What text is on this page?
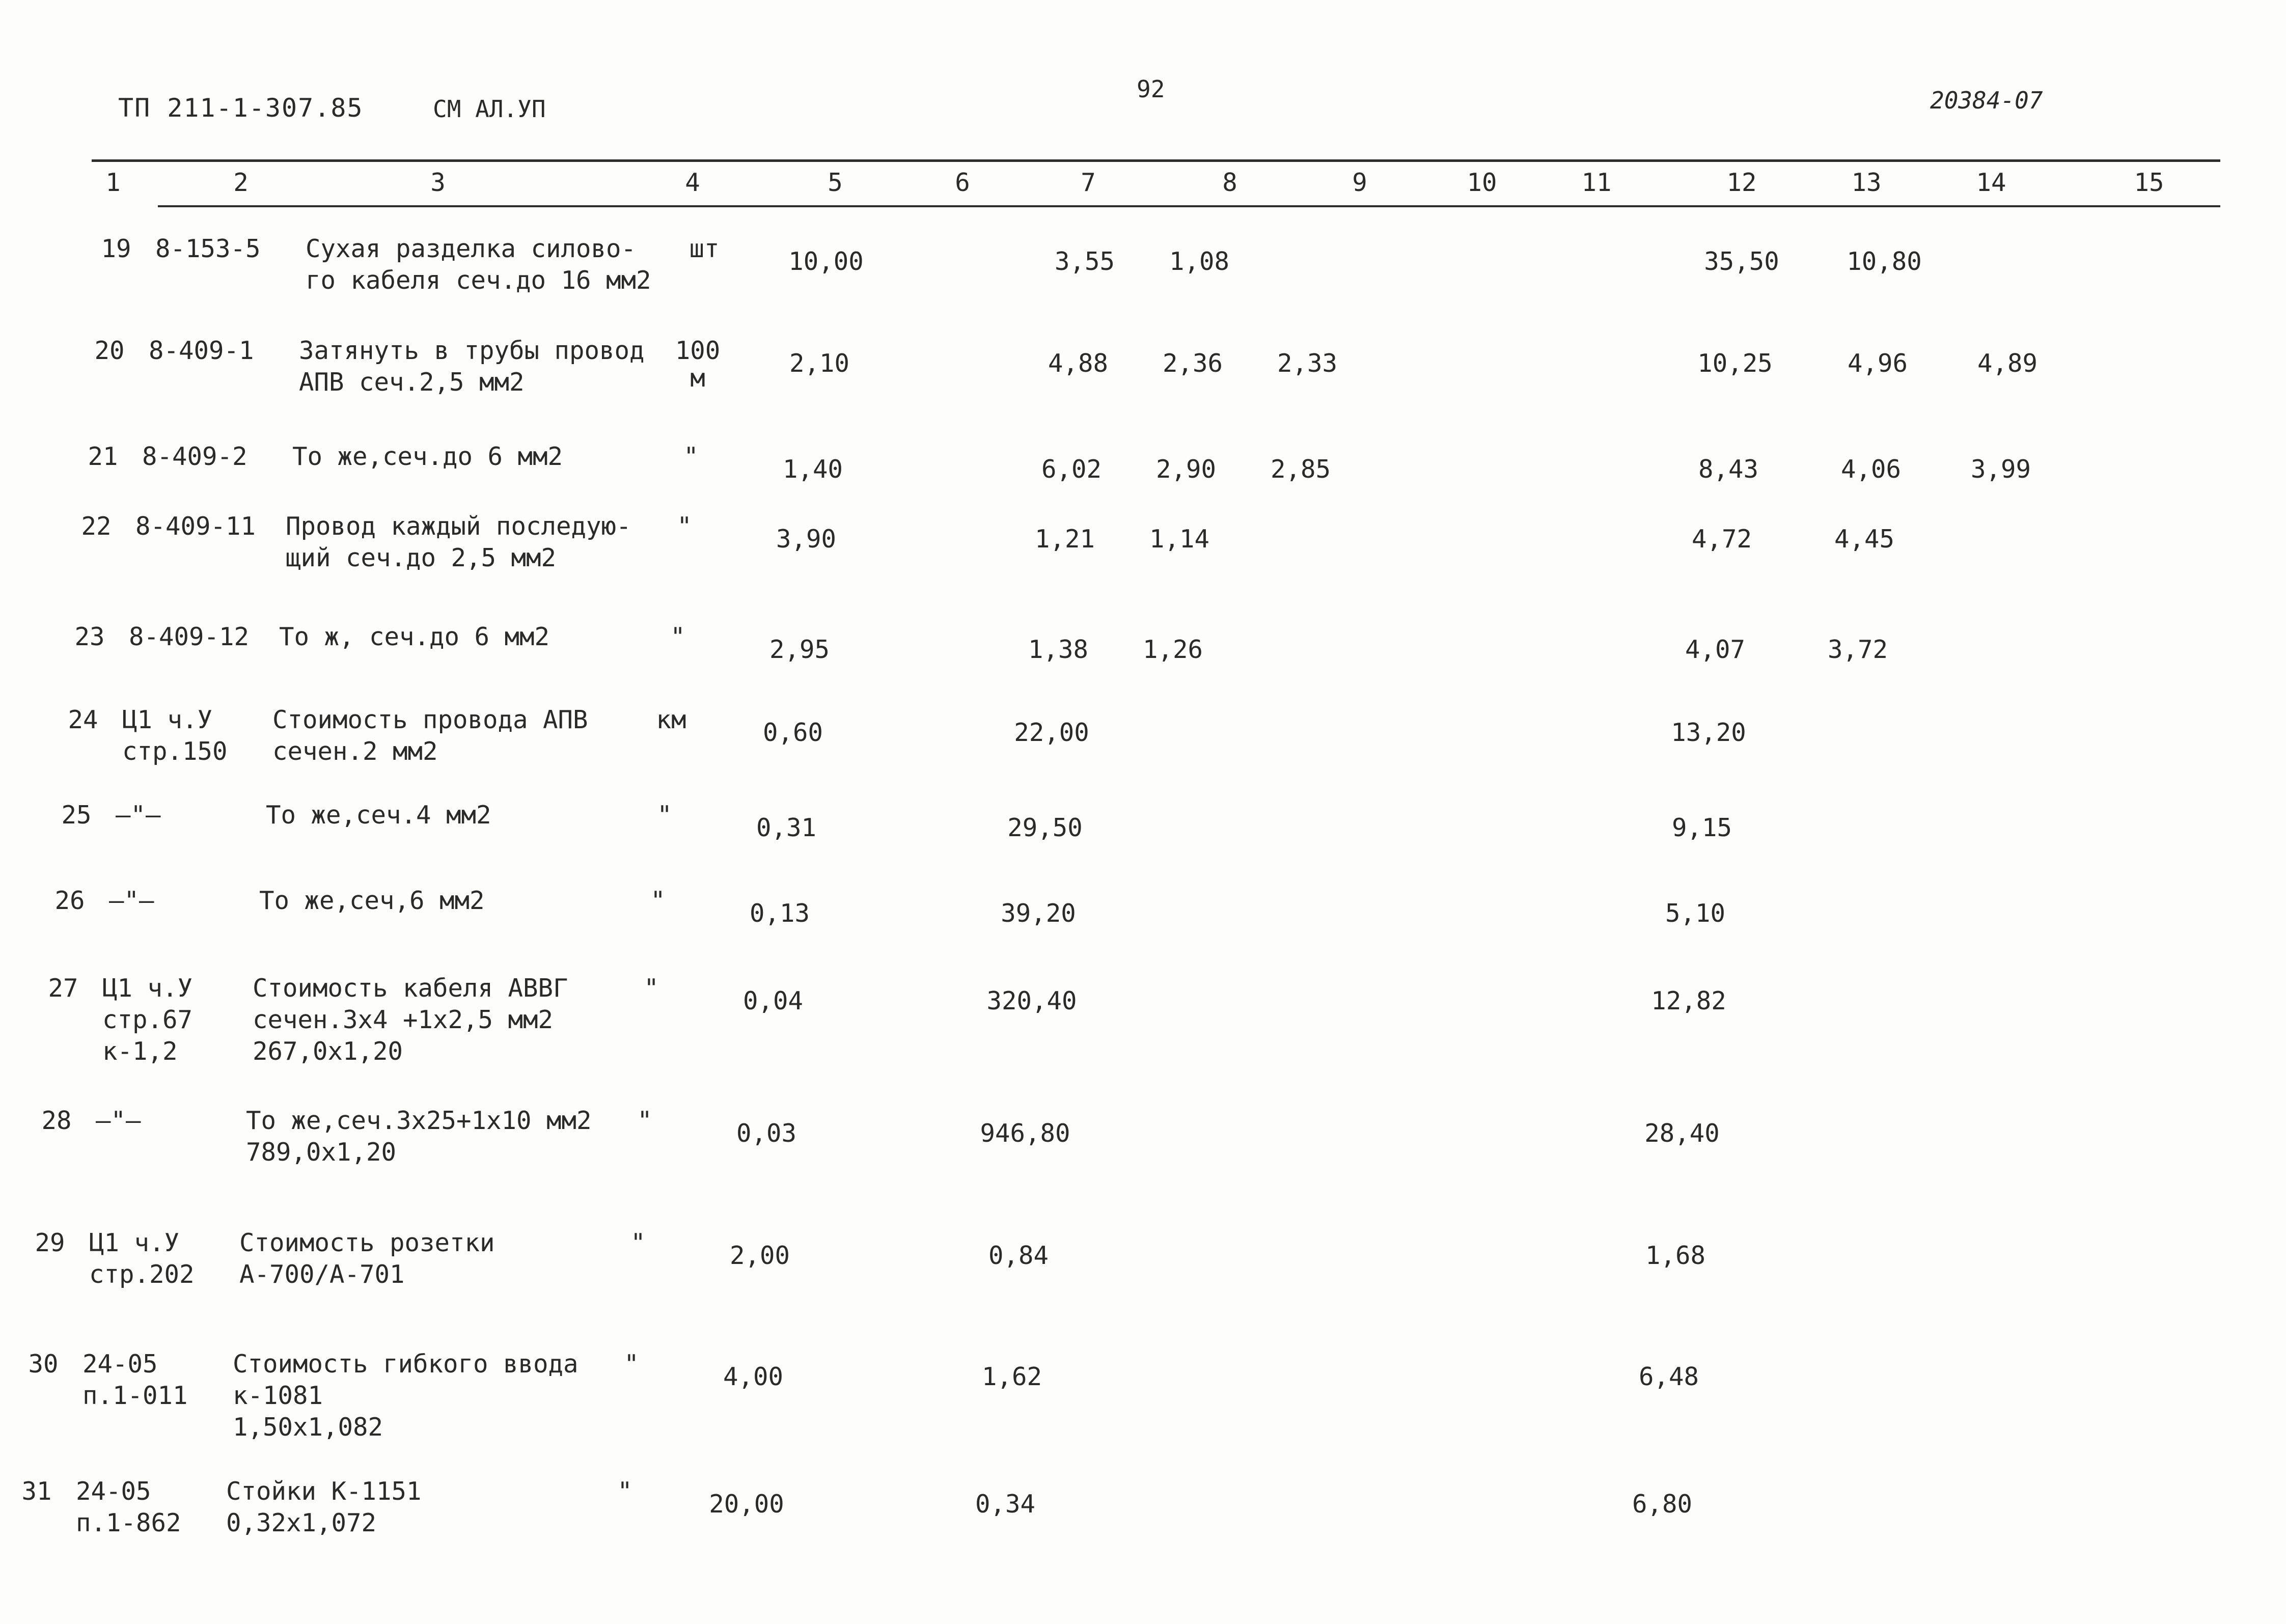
ТП 211-1-307.85	СМ АЛ.УП
92	20384-07
1	2	3	4	5	6	7	8	9	10	11	12	13	14	15
19 8-153-5 Сухая разделка силово-
го кабеля сеч.до 16 мм2
шт	10,00	3,55 1,08	35,50	10,80
20 8-409-1 Затянуть в трубы провод
АПВ сеч.2,5 мм2
100
м
2,10	4,88 2,36 2,33	10,25	4,96	4,89
21 8-409-2 То же,сеч.до 6 мм2	"	1,40	6,02 2,90 2,85	8,43	4,06	3,99
22 8-409-11 Провод каждый последую-
щий сеч.до 2,5 мм2
"	3,90	1,21 1,14	4,72	4,45
23 8-409-12 То ж, сеч.до 6 мм2	"	2,95	1,38 1,26	4,07	3,72
24 Ц1 ч.У
стр.150
Стоимость провода АПВ
сечен.2 мм2
км	0,60	22,00	13,20
25 —"—	То же,сеч.4 мм2	"	0,31	29,50	9,15
26 —"—	То же,сеч,6 мм2	"	0,13	39,20	5,10
27 Ц1 ч.У
стр.67
к-1,2
Стоимость кабеля АВВГ
сечен.3х4 +1х2,5 мм2
267,0х1,20
"	0,04	320,40	12,82
28 —"—	То же,сеч.3х25+1х10 мм2
789,0х1,20
"	0,03	946,80	28,40
29 Ц1 ч.У
стр.202
Стоимость розетки
А-700/А-701
"	2,00	0,84	1,68
30 24-05
п.1-011
Стоимость гибкого ввода
к-1081
1,50х1,082
"	4,00	1,62	6,48
31 24-05
п.1-862
Стойки К-1151
0,32х1,072
"	20,00	0,34	6,80
